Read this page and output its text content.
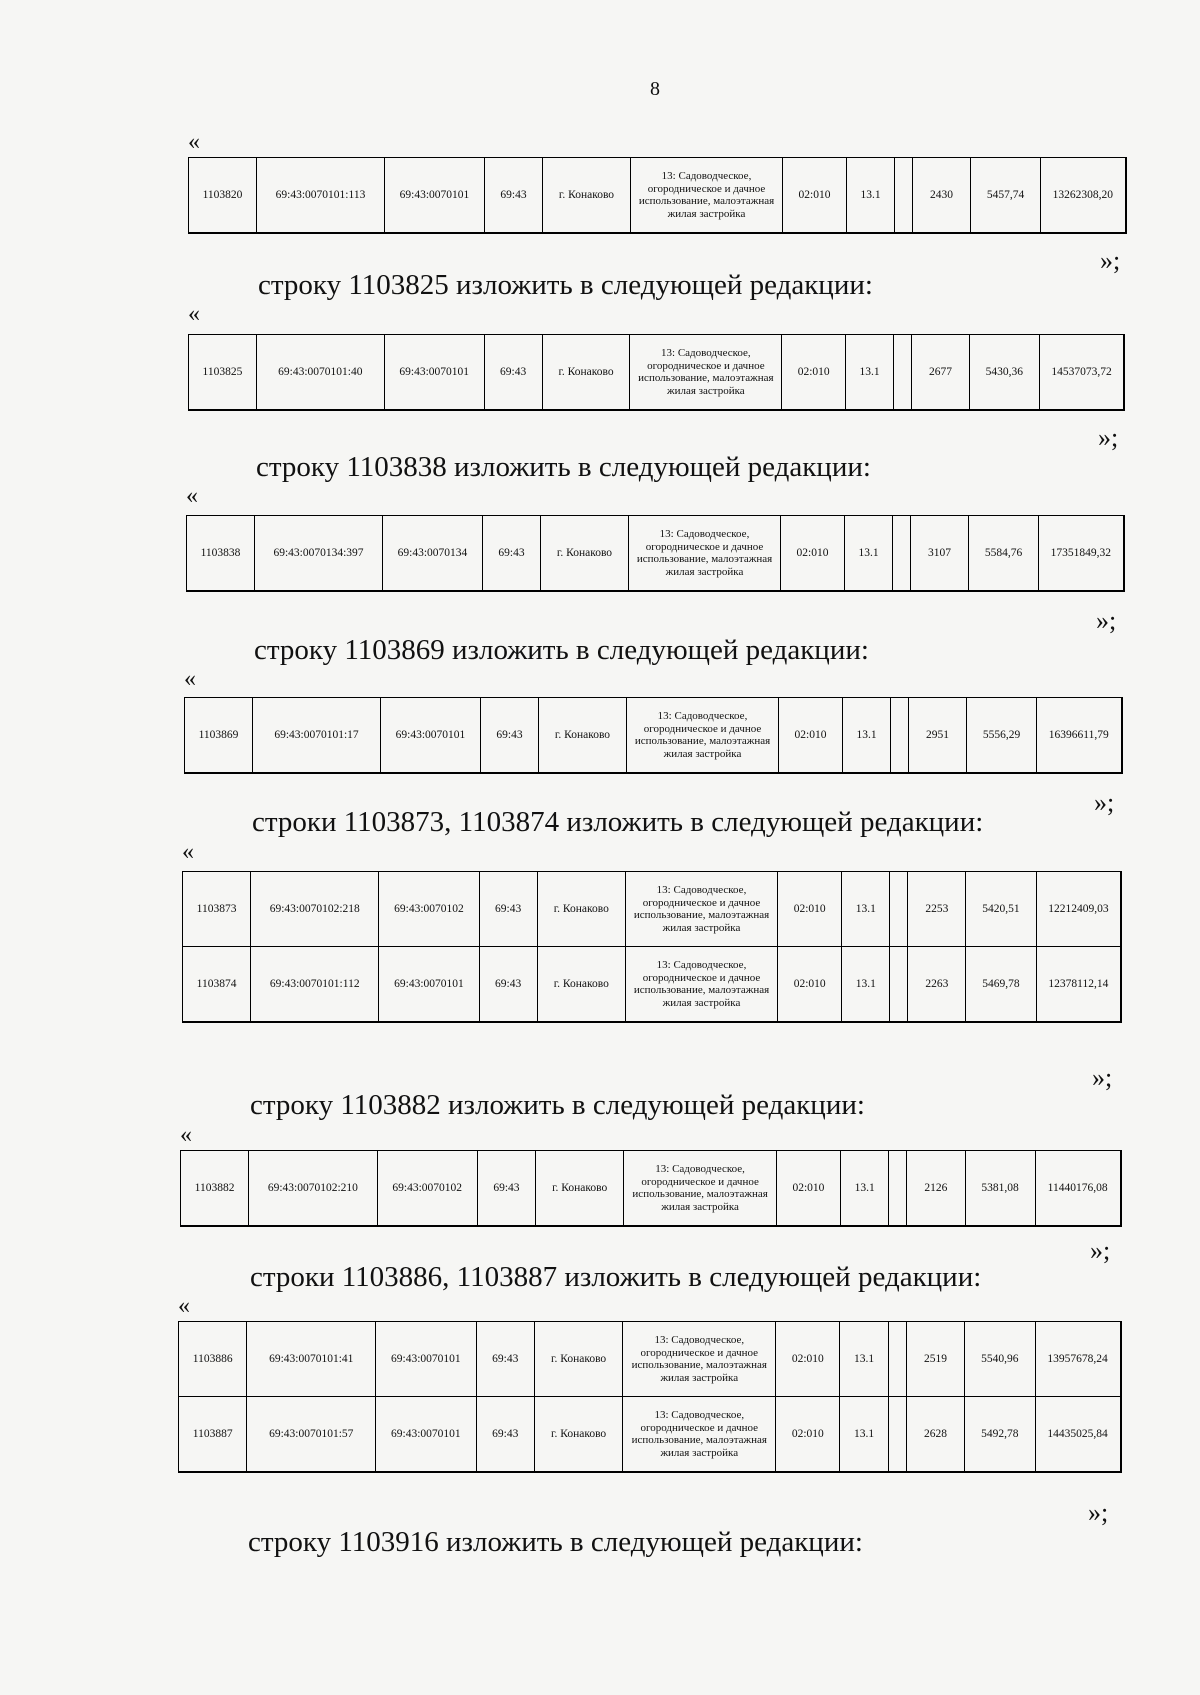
8
«
1103820	69:43:0070101:113	69:43:0070101	69:43	г. Конаково	13: Садоводческое, огородническое и дачное использование, малоэтажная жилая застройка	02:010	13.1		2430	5457,74	13262308,20
»;
строку 1103825 изложить в следующей редакции:
«
1103825	69:43:0070101:40	69:43:0070101	69:43	г. Конаково	13: Садоводческое, огородническое и дачное использование, малоэтажная жилая застройка	02:010	13.1		2677	5430,36	14537073,72
»;
строку 1103838 изложить в следующей редакции:
«
1103838	69:43:0070134:397	69:43:0070134	69:43	г. Конаково	13: Садоводческое, огородническое и дачное использование, малоэтажная жилая застройка	02:010	13.1		3107	5584,76	17351849,32
»;
строку 1103869 изложить в следующей редакции:
«
1103869	69:43:0070101:17	69:43:0070101	69:43	г. Конаково	13: Садоводческое, огородническое и дачное использование, малоэтажная жилая застройка	02:010	13.1		2951	5556,29	16396611,79
»;
строки 1103873, 1103874 изложить в следующей редакции:
«
1103873	69:43:0070102:218	69:43:0070102	69:43	г. Конаково	13: Садоводческое, огородническое и дачное использование, малоэтажная жилая застройка	02:010	13.1		2253	5420,51	12212409,03
1103874	69:43:0070101:112	69:43:0070101	69:43	г. Конаково	13: Садоводческое, огородническое и дачное использование, малоэтажная жилая застройка	02:010	13.1		2263	5469,78	12378112,14
»;
строку 1103882 изложить в следующей редакции:
«
1103882	69:43:0070102:210	69:43:0070102	69:43	г. Конаково	13: Садоводческое, огородническое и дачное использование, малоэтажная жилая застройка	02:010	13.1		2126	5381,08	11440176,08
»;
строки 1103886, 1103887 изложить в следующей редакции:
«
1103886	69:43:0070101:41	69:43:0070101	69:43	г. Конаково	13: Садоводческое, огородническое и дачное использование, малоэтажная жилая застройка	02:010	13.1		2519	5540,96	13957678,24
1103887	69:43:0070101:57	69:43:0070101	69:43	г. Конаково	13: Садоводческое, огородническое и дачное использование, малоэтажная жилая застройка	02:010	13.1		2628	5492,78	14435025,84
»;
строку 1103916 изложить в следующей редакции:
